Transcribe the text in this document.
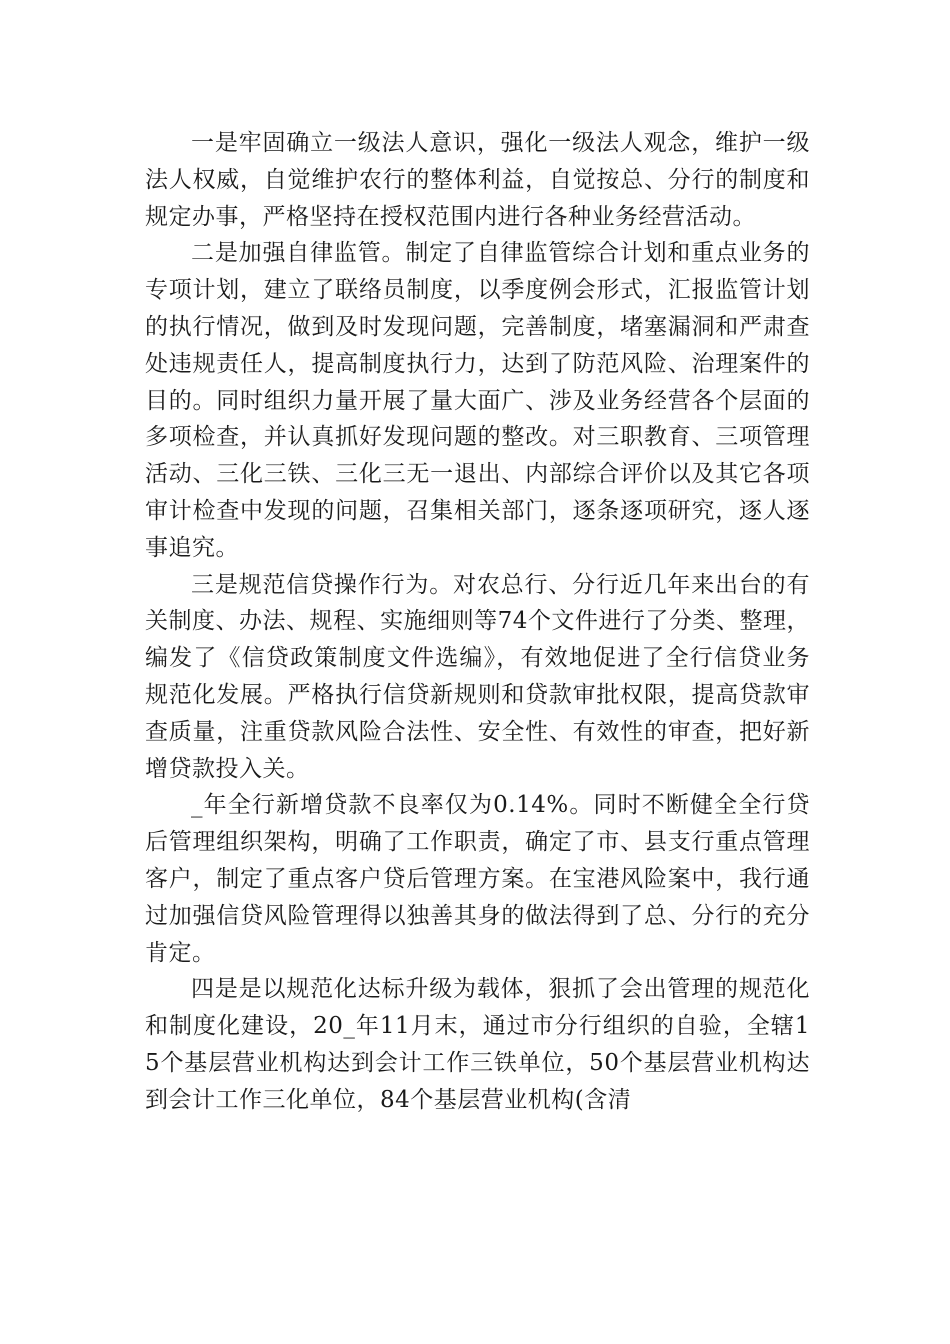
一是牢固确立一级法人意识，强化一级法人观念，维护一级法人权威，自觉维护农行的整体利益，自觉按总、分行的制度和规定办事，严格坚持在授权范围内进行各种业务经营活动。

二是加强自律监管。制定了自律监管综合计划和重点业务的专项计划，建立了联络员制度，以季度例会形式，汇报监管计划的执行情况，做到及时发现问题，完善制度，堵塞漏洞和严肃查处违规责任人，提高制度执行力，达到了防范风险、治理案件的目的。同时组织力量开展了量大面广、涉及业务经营各个层面的多项检查，并认真抓好发现问题的整改。对三职教育、三项管理活动、三化三铁、三化三无一退出、内部综合评价以及其它各项审计检查中发现的问题，召集相关部门，逐条逐项研究，逐人逐事追究。

三是规范信贷操作行为。对农总行、分行近几年来出台的有关制度、办法、规程、实施细则等74个文件进行了分类、整理，编发了《信贷政策制度文件选编》，有效地促进了全行信贷业务规范化发展。严格执行信贷新规则和贷款审批权限，提高贷款审查质量，注重贷款风险合法性、安全性、有效性的审查，把好新增贷款投入关。

_年全行新增贷款不良率仅为0.14%。同时不断健全全行贷后管理组织架构，明确了工作职责，确定了市、县支行重点管理客户，制定了重点客户贷后管理方案。在宝港风险案中，我行通过加强信贷风险管理得以独善其身的做法得到了总、分行的充分肯定。

四是是以规范化达标升级为载体，狠抓了会出管理的规范化和制度化建设，20_年11月末，通过市分行组织的自验，全辖15个基层营业机构达到会计工作三铁单位，50个基层营业机构达到会计工作三化单位，84个基层营业机构(含清
